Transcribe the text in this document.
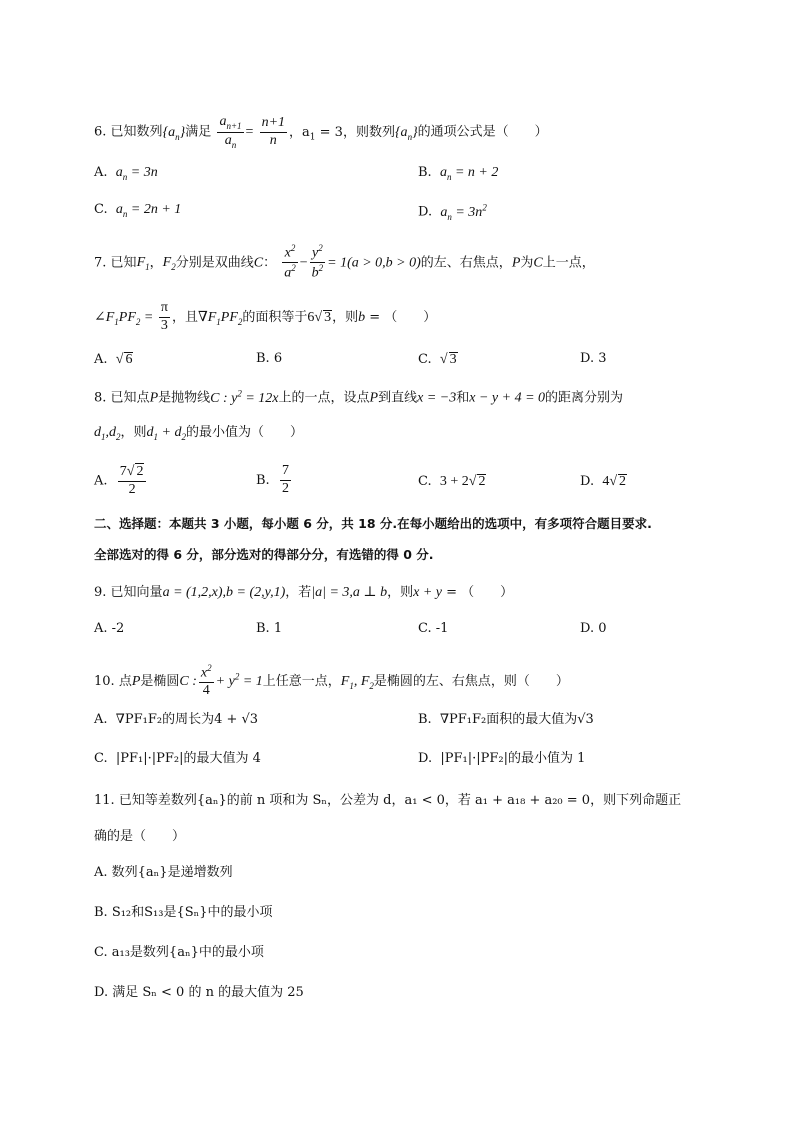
6. 已知数列$\{a_n\}$满足 $\frac{a_{n+1}}{a_n} = \frac{n+1}{n}$ ，$a_1 = 3$，则数列$\{a_n\}$的通项公式是（　　）
A. $a_n = 3n$	B. $a_n = n + 2$
C. $a_n = 2n + 1$	D. $a_n = 3n^2$
7. 已知$F_1$，$F_2$分别是双曲线C： $\frac{x^2}{a^2} - \frac{y^2}{b^2} = 1(a > 0,b > 0)$的左、右焦点，P为C上一点，
$\angle F_1PF_2 = \frac{\pi}{3}$ ，且$\nabla F_1PF_2$的面积等于6√ 3，则b = （　　）
A. √ 6	B. 6	C. √ 3	D. 3
8. 已知点P是抛物线C : $y^2 = 12x$上的一点，设点P到直线x = −3和x − y + 4 = 0的距离分别为
$d_1,d_2$，则$d_1 + d_2$的最小值为（　　）
A. $\frac{7√ 2}{2}$	B. $\frac{7}{2}$	C. 3 + 2√ 2	D. 4√ 2
二、选择题：本题共 3 小题，每小题 6 分，共 18 分.在每小题给出的选项中，有多项符合题目要求.
全部选对的得 6 分，部分选对的得部分分，有选错的得 0 分.
9. 已知向量a = (1,2,x),b = (2,y,1)，若|a| = 3,a ⊥ b，则x + y = （　　）
A. -2	B. 1	C. -1	D. 0
10. 点P是椭圆C : $\frac{x^2}{4} + y^2 = 1$上任意一点，$F_1$, $F_2$是椭圆的左、右焦点，则（　　）
A. ∇PF₁F₂的周长为4 + √3	B. ∇PF₁F₂面积的最大值为√3
C. |PF₁|·|PF₂|的最大值为 4	D. |PF₁|·|PF₂|的最小值为 1
11. 已知等差数列{aₙ}的前 n 项和为 Sₙ，公差为 d，a₁ < 0，若 a₁ + a₁₈ + a₂₀ = 0，则下列命题正
确的是（　　）
A. 数列{aₙ}是递增数列
B. S₁₂和S₁₃是{Sₙ}中的最小项
C. a₁₃是数列{aₙ}中的最小项
D. 满足 Sₙ < 0 的 n 的最大值为 25
